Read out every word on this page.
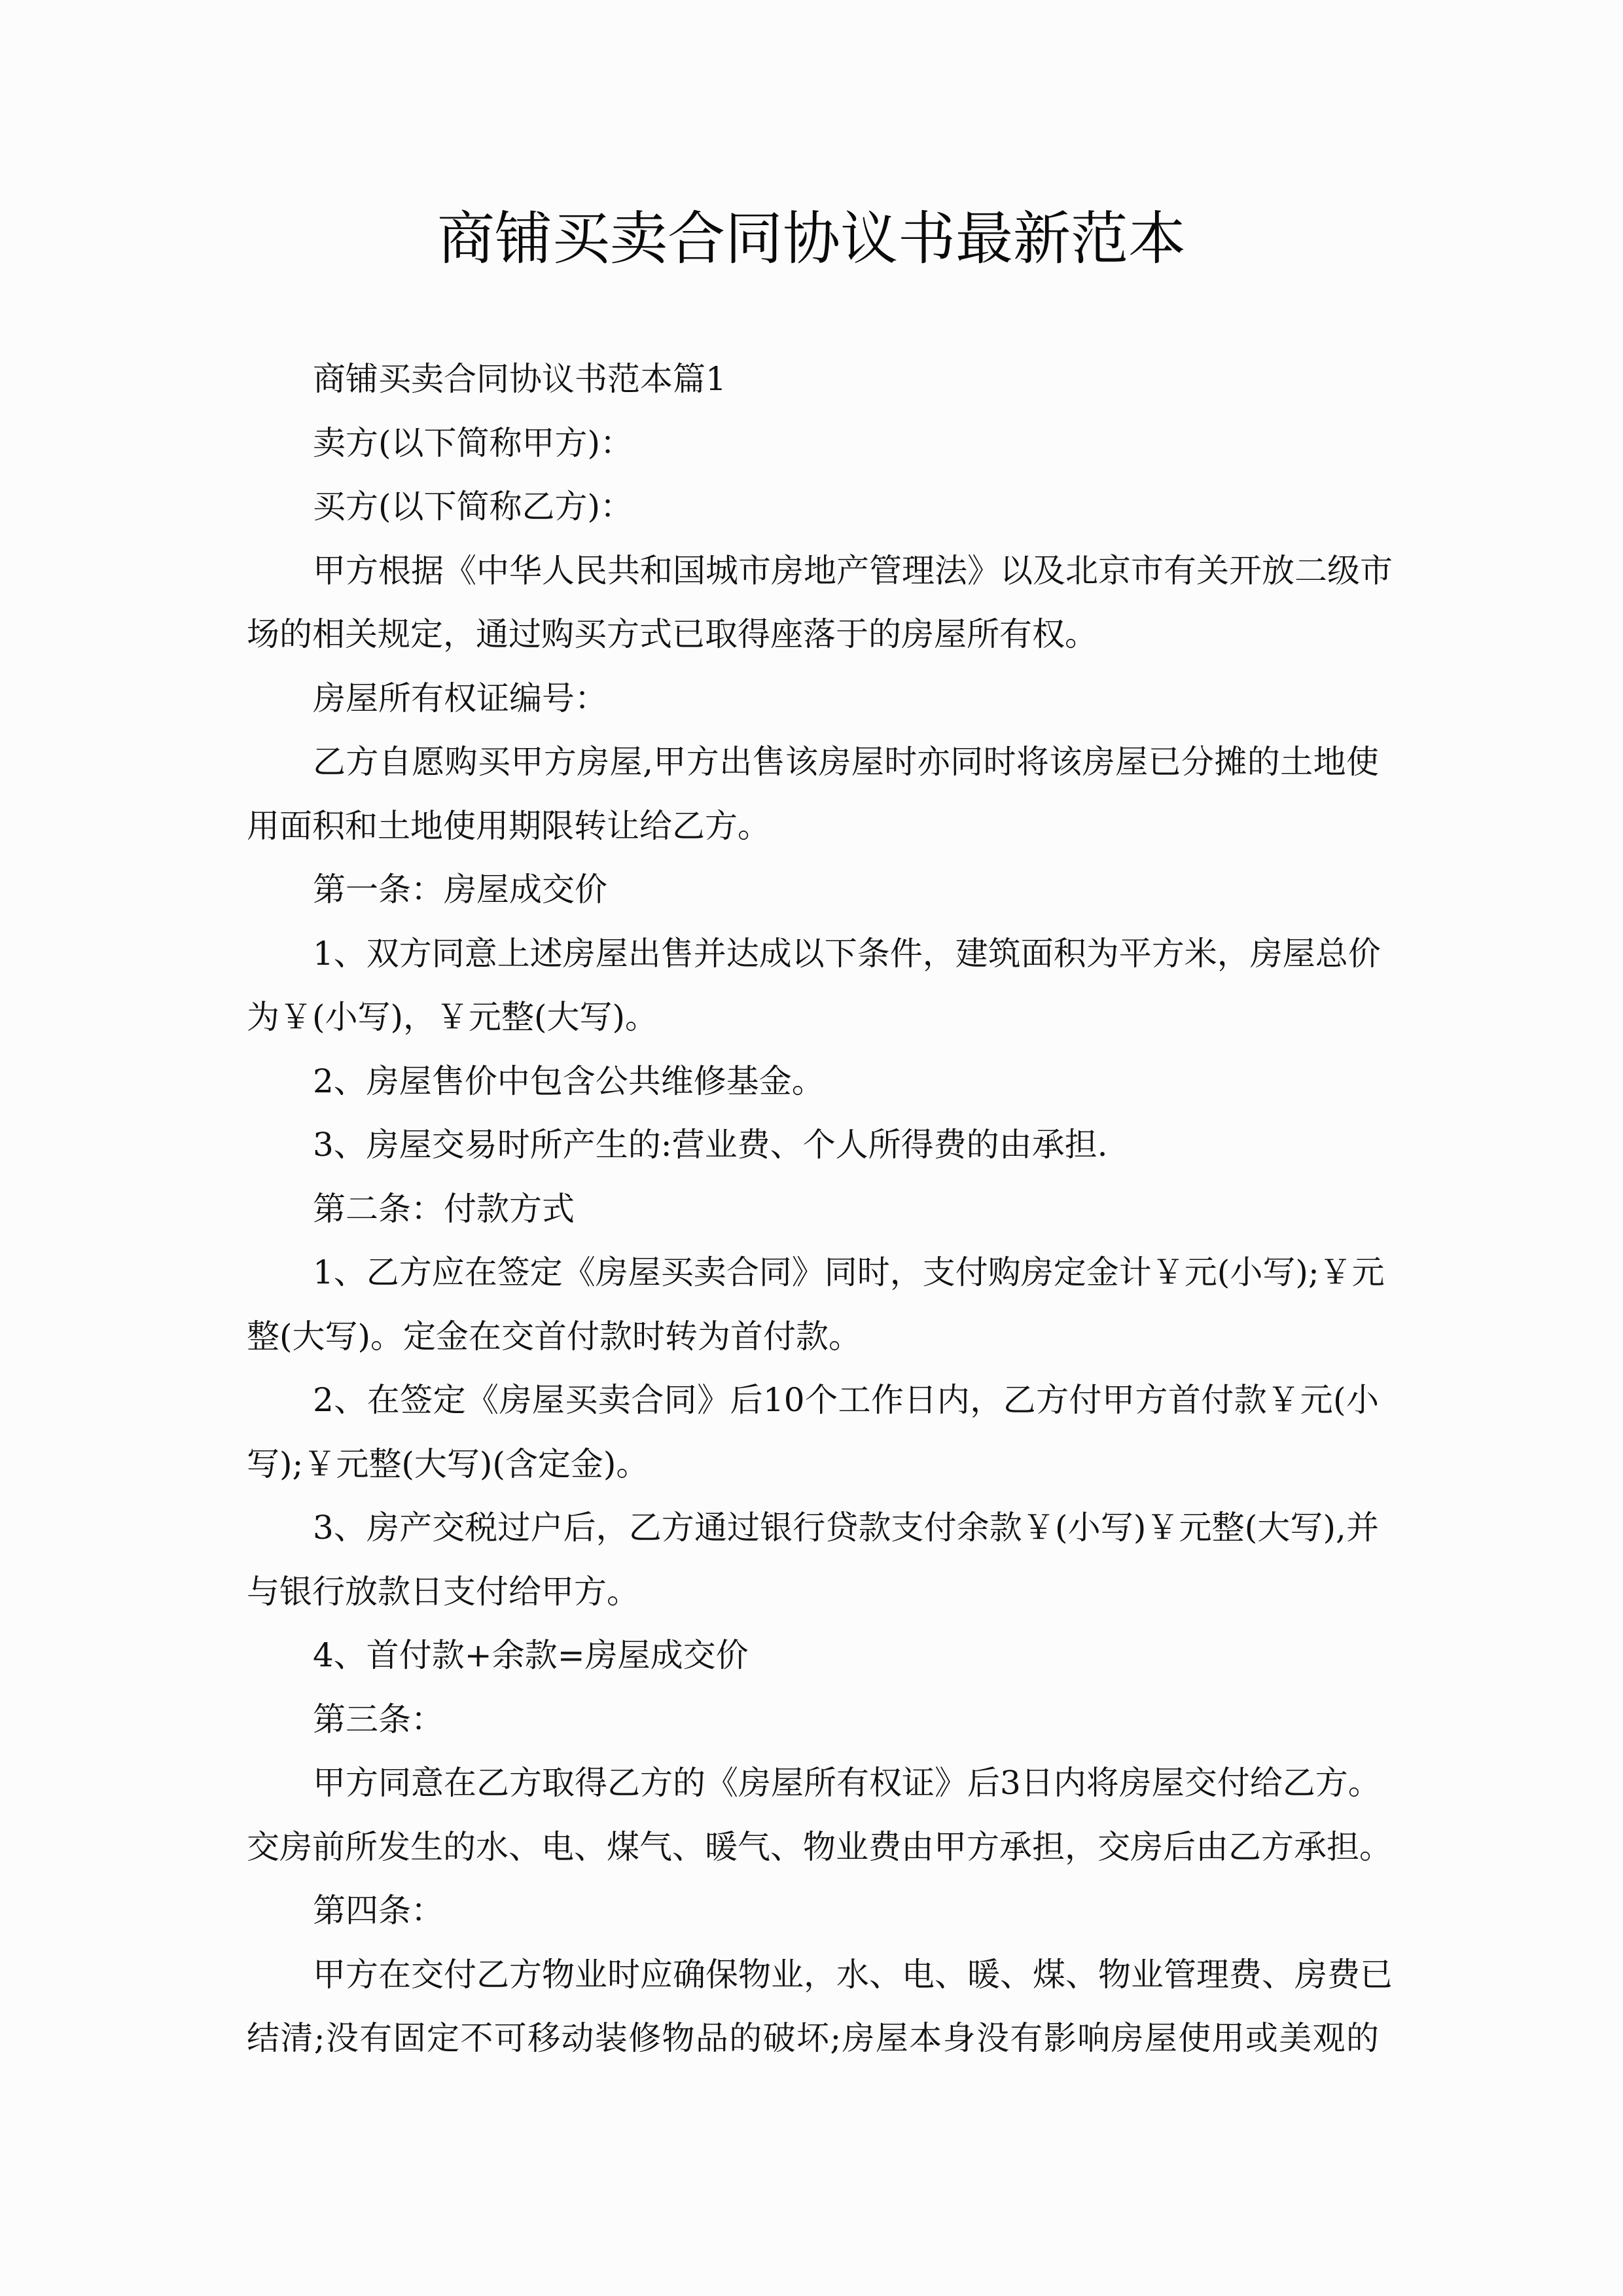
商铺买卖合同协议书最新范本
商铺买卖合同协议书范本篇1
卖方(以下简称甲方)：
买方(以下简称乙方)：
甲方根据《中华人民共和国城市房地产管理法》以及北京市有关开放二级市
场的相关规定，通过购买方式已取得座落于的房屋所有权。
房屋所有权证编号：
乙方自愿购买甲方房屋,甲方出售该房屋时亦同时将该房屋已分摊的土地使
用面积和土地使用期限转让给乙方。
第一条：房屋成交价
1、双方同意上述房屋出售并达成以下条件，建筑面积为平方米，房屋总价
为￥(小写)，￥元整(大写)。
2、房屋售价中包含公共维修基金。
3、房屋交易时所产生的:营业费、个人所得费的由承担.
第二条：付款方式
1、乙方应在签定《房屋买卖合同》同时，支付购房定金计￥元(小写);￥元
整(大写)。定金在交首付款时转为首付款。
2、在签定《房屋买卖合同》后10个工作日内，乙方付甲方首付款￥元(小
写);￥元整(大写)(含定金)。
3、房产交税过户后，乙方通过银行贷款支付余款￥(小写)￥元整(大写),并
与银行放款日支付给甲方。
4、首付款+余款=房屋成交价
第三条：
甲方同意在乙方取得乙方的《房屋所有权证》后3日内将房屋交付给乙方。
交房前所发生的水、电、煤气、暖气、物业费由甲方承担，交房后由乙方承担。
第四条：
甲方在交付乙方物业时应确保物业，水、电、暖、煤、物业管理费、房费已
结清;没有固定不可移动装修物品的破坏;房屋本身没有影响房屋使用或美观的
